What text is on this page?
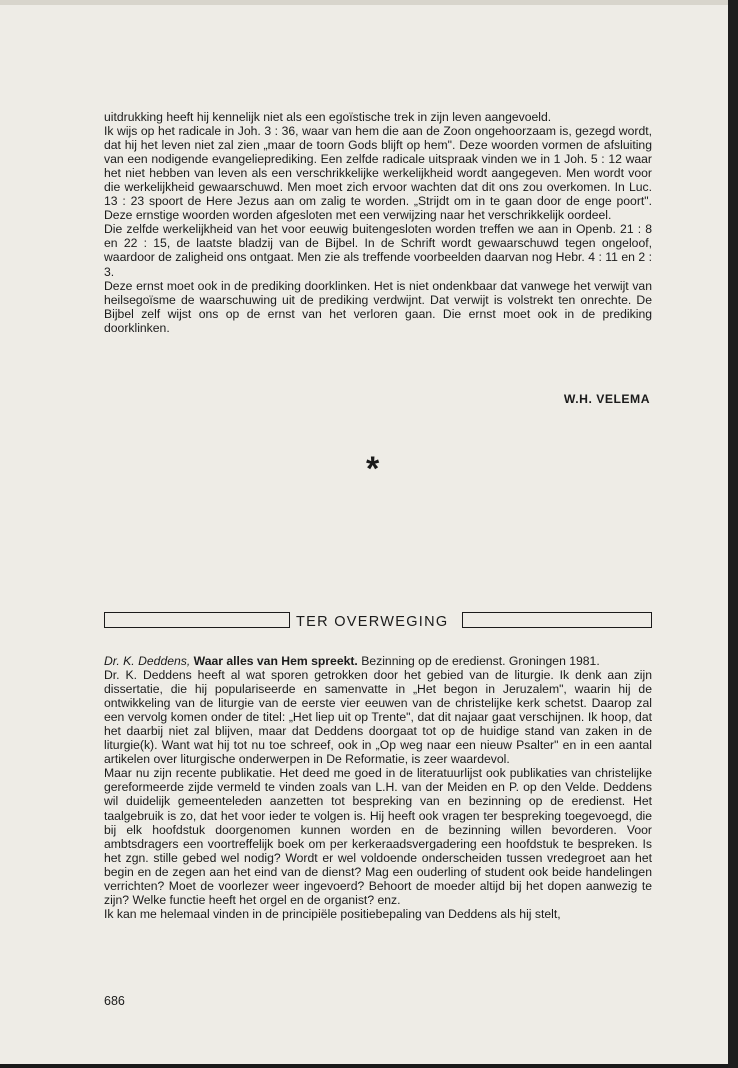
uitdrukking heeft hij kennelijk niet als een egoïstische trek in zijn leven aangevoeld.

Ik wijs op het radicale in Joh. 3 : 36, waar van hem die aan de Zoon ongehoorzaam is, gezegd wordt, dat hij het leven niet zal zien „maar de toorn Gods blijft op hem". Deze woorden vormen de afsluiting van een nodigende evangelieprediking. Een zelfde radicale uitspraak vinden we in 1 Joh. 5 : 12 waar het niet hebben van leven als een verschrikkelijke werkelijkheid wordt aangegeven. Men wordt voor die werkelijkheid gewaarschuwd. Men moet zich ervoor wachten dat dit ons zou overkomen. In Luc. 13 : 23 spoort de Here Jezus aan om zalig te worden. „Strijdt om in te gaan door de enge poort". Deze ernstige woorden worden afgesloten met een verwijzing naar het verschrikkelijk oordeel.

Die zelfde werkelijkheid van het voor eeuwig buitengesloten worden treffen we aan in Openb. 21 : 8 en 22 : 15, de laatste bladzij van de Bijbel. In de Schrift wordt gewaarschuwd tegen ongeloof, waardoor de zaligheid ons ontgaat. Men zie als treffende voorbeelden daarvan nog Hebr. 4 : 11 en 2 : 3.

Deze ernst moet ook in de prediking doorklinken. Het is niet ondenkbaar dat vanwege het verwijt van heilsegoïsme de waarschuwing uit de prediking verdwijnt. Dat verwijt is volstrekt ten onrechte. De Bijbel zelf wijst ons op de ernst van het verloren gaan. Die ernst moet ook in de prediking doorklinken.

W.H. VELEMA
*
TER OVERWEGING

Dr. K. Deddens, Waar alles van Hem spreekt. Bezinning op de eredienst. Groningen 1981.

Dr. K. Deddens heeft al wat sporen getrokken door het gebied van de liturgie. Ik denk aan zijn dissertatie, die hij populariseerde en samenvatte in „Het begon in Jeruzalem", waarin hij de ontwikkeling van de liturgie van de eerste vier eeuwen van de christelijke kerk schetst. Daarop zal een vervolg komen onder de titel: „Het liep uit op Trente", dat dit najaar gaat verschijnen. Ik hoop, dat het daarbij niet zal blijven, maar dat Deddens doorgaat tot op de huidige stand van zaken in de liturgie(k). Want wat hij tot nu toe schreef, ook in „Op weg naar een nieuw Psalter" en in een aantal artikelen over liturgische onderwerpen in De Reformatie, is zeer waardevol.

Maar nu zijn recente publikatie. Het deed me goed in de literatuurlijst ook publikaties van christelijke gereformeerde zijde vermeld te vinden zoals van L.H. van der Meiden en P. op den Velde. Deddens wil duidelijk gemeenteleden aanzetten tot bespreking van en bezinning op de eredienst. Het taalgebruik is zo, dat het voor ieder te volgen is. Hij heeft ook vragen ter bespreking toegevoegd, die bij elk hoofdstuk doorgenomen kunnen worden en de bezinning willen bevorderen. Voor ambtsdragers een voortreffelijk boek om per kerkeraadsvergadering een hoofdstuk te bespreken. Is het zgn. stille gebed wel nodig? Wordt er wel voldoende onderscheiden tussen vredegroet aan het begin en de zegen aan het eind van de dienst? Mag een ouderling of student ook beide handelingen verrichten? Moet de voorlezer weer ingevoerd? Behoort de moeder altijd bij het dopen aanwezig te zijn? Welke functie heeft het orgel en de organist? enz.

Ik kan me helemaal vinden in de principiële positiebepaling van Deddens als hij stelt,

686
